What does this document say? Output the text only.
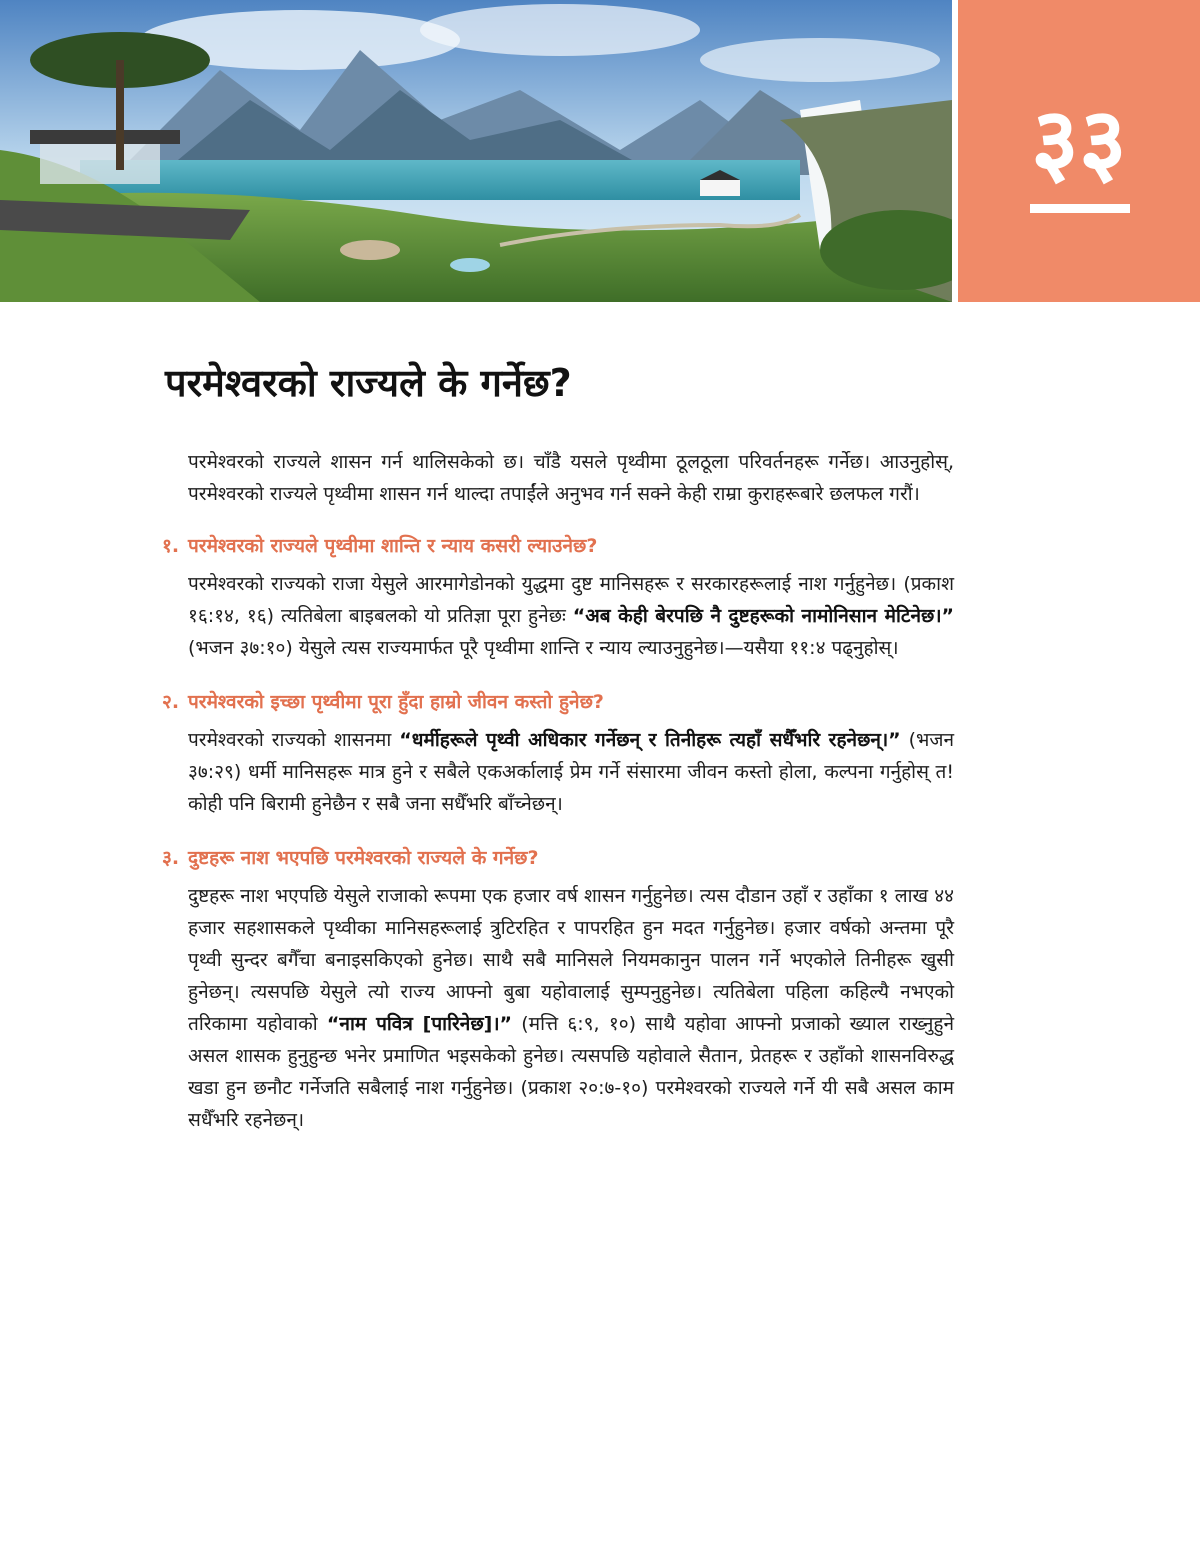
३३
परमेश्वरको राज्यले के गर्नेछ?

परमेश्वरको राज्यले शासन गर्न थालिसकेको छ। चाँडै यसले पृथ्वीमा ठूलठूला परिवर्तनहरू गर्नेछ। आउनुहोस्, परमेश्वरको राज्यले पृथ्वीमा शासन गर्न थाल्दा तपाईंले अनुभव गर्न सक्ने केही राम्रा कुराहरूबारे छलफल गरौं।

१. परमेश्वरको राज्यले पृथ्वीमा शान्ति र न्याय कसरी ल्याउनेछ?

परमेश्वरको राज्यको राजा येसुले आरमागेडोनको युद्धमा दुष्ट मानिसहरू र सरकारहरूलाई नाश गर्नुहुनेछ। (प्रकाश १६:१४, १६) त्यतिबेला बाइबलको यो प्रतिज्ञा पूरा हुनेछः “अब केही बेरपछि नै दुष्टहरूको नामोनिसान मेटिनेछ।” (भजन ३७:१०) येसुले त्यस राज्यमार्फत पूरै पृथ्वीमा शान्ति र न्याय ल्याउनुहुनेछ।—यसैया ११:४ पढ्नुहोस्।

२. परमेश्वरको इच्छा पृथ्वीमा पूरा हुँदा हाम्रो जीवन कस्तो हुनेछ?

परमेश्वरको राज्यको शासनमा “धर्मीहरूले पृथ्वी अधिकार गर्नेछन् र तिनीहरू त्यहाँ सधैँभरि रहनेछन्।” (भजन ३७:२९) धर्मी मानिसहरू मात्र हुने र सबैले एकअर्कालाई प्रेम गर्ने संसारमा जीवन कस्तो होला, कल्पना गर्नुहोस् त! कोही पनि बिरामी हुनेछैन र सबै जना सधैँभरि बाँच्नेछन्।

३. दुष्टहरू नाश भएपछि परमेश्वरको राज्यले के गर्नेछ?

दुष्टहरू नाश भएपछि येसुले राजाको रूपमा एक हजार वर्ष शासन गर्नुहुनेछ। त्यस दौडान उहाँ र उहाँका १ लाख ४४ हजार सहशासकले पृथ्वीका मानिसहरूलाई त्रुटिरहित र पापरहित हुन मदत गर्नुहुनेछ। हजार वर्षको अन्तमा पूरै पृथ्वी सुन्दर बगैँचा बनाइसकिएको हुनेछ। साथै सबै मानिसले नियमकानुन पालन गर्ने भएकोले तिनीहरू खुसी हुनेछन्। त्यसपछि येसुले त्यो राज्य आफ्नो बुबा यहोवालाई सुम्पनुहुनेछ। त्यतिबेला पहिला कहिल्यै नभएको तरिकामा यहोवाको “नाम पवित्र [पारिनेछ]।” (मत्ति ६:९, १०) साथै यहोवा आफ्नो प्रजाको ख्याल राख्नुहुने असल शासक हुनुहुन्छ भनेर प्रमाणित भइसकेको हुनेछ। त्यसपछि यहोवाले सैतान, प्रेतहरू र उहाँको शासनविरुद्ध खडा हुन छनौट गर्नेजति सबैलाई नाश गर्नुहुनेछ। (प्रकाश २०:७-१०) परमेश्वरको राज्यले गर्ने यी सबै असल काम सधैँभरि रहनेछन्।
